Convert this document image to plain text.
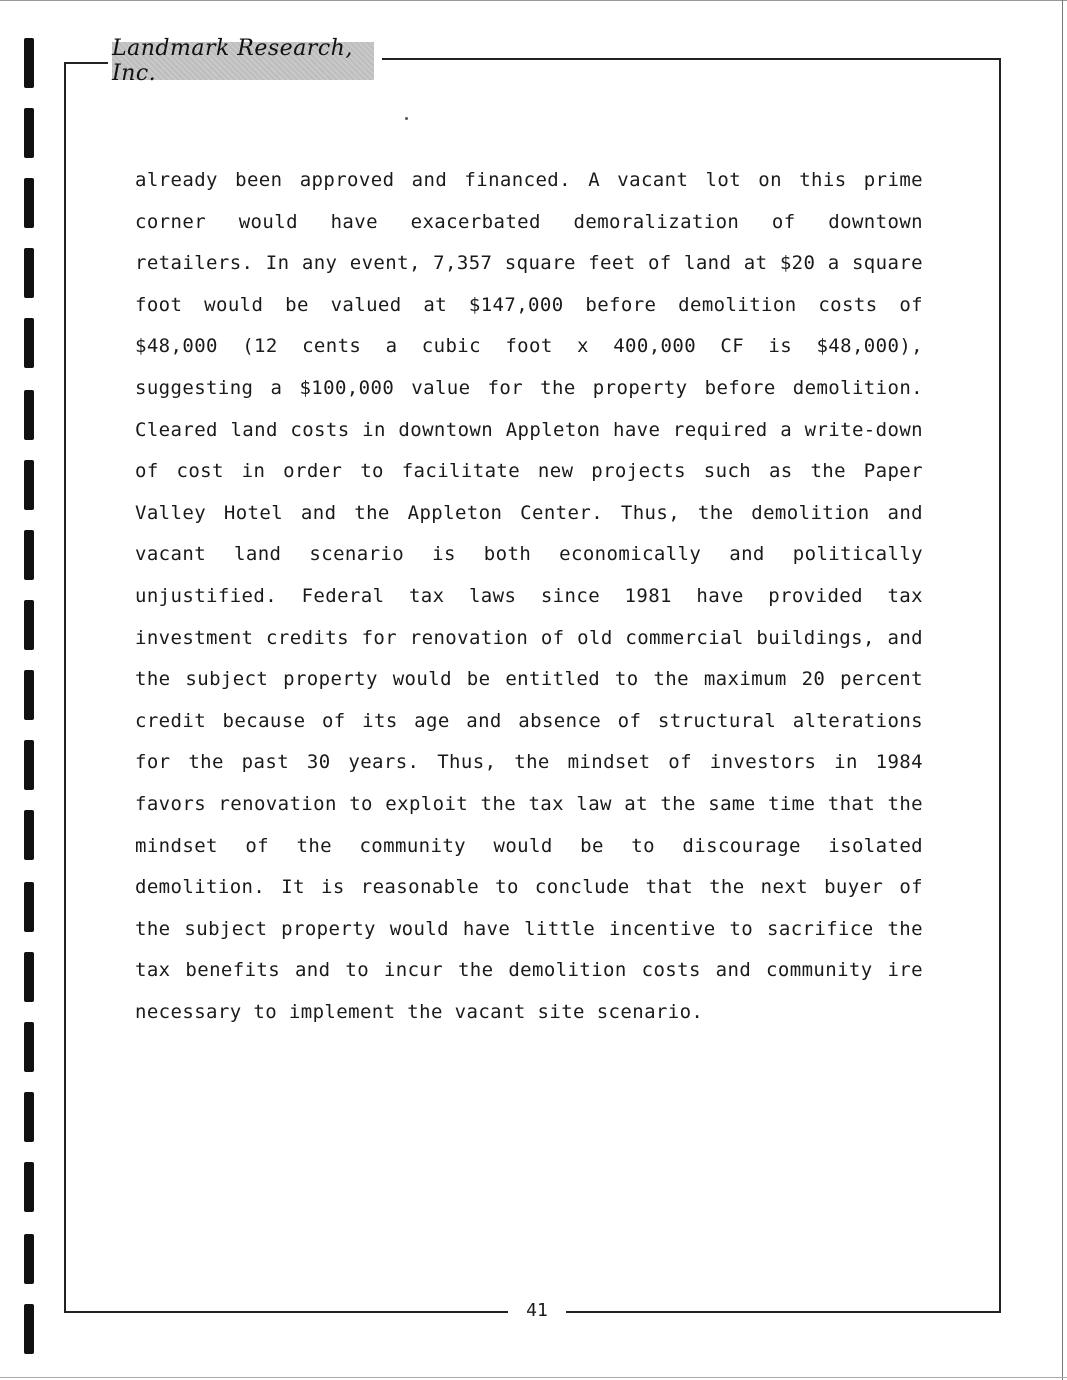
Landmark Research, Inc.
already been approved and financed. A vacant lot on this prime corner would have exacerbated demoralization of downtown retailers. In any event, 7,357 square feet of land at $20 a square foot would be valued at $147,000 before demolition costs of $48,000 (12 cents a cubic foot x 400,000 CF is $48,000), suggesting a $100,000 value for the property before demolition. Cleared land costs in downtown Appleton have required a write-down of cost in order to facilitate new projects such as the Paper Valley Hotel and the Appleton Center. Thus, the demolition and vacant land scenario is both economically and politically unjustified. Federal tax laws since 1981 have provided tax investment credits for renovation of old commercial buildings, and the subject property would be entitled to the maximum 20 percent credit because of its age and absence of structural alterations for the past 30 years. Thus, the mindset of investors in 1984 favors renovation to exploit the tax law at the same time that the mindset of the community would be to discourage isolated demolition. It is reasonable to conclude that the next buyer of the subject property would have little incentive to sacrifice the tax benefits and to incur the demolition costs and community ire necessary to implement the vacant site scenario.
41
